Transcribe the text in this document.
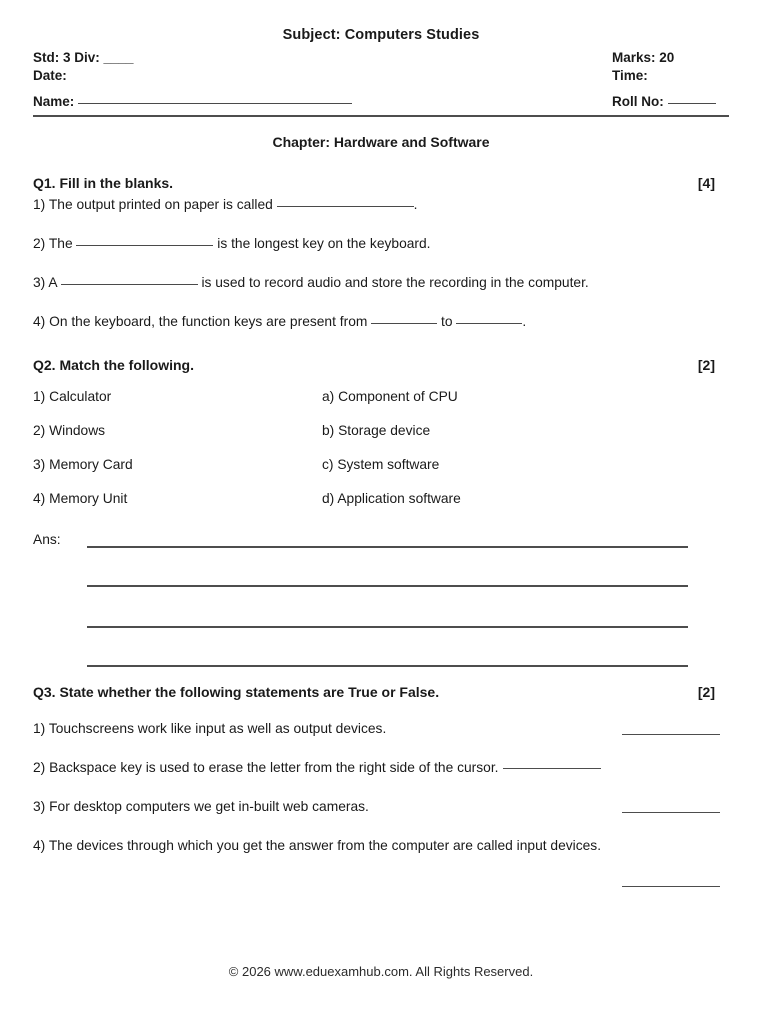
Subject: Computers Studies
Std: 3 Div: ____
Date:
Marks: 20
Time:
Name:	Roll No:
Chapter: Hardware and Software
Q1. Fill in the blanks.	[4]
1) The output printed on paper is called	.
2) The	is the longest key on the keyboard.
3) A	is used to record audio and store the recording in the computer.
4) On the keyboard, the function keys are present from	to	.
Q2. Match the following.	[2]
1) Calculator	a) Component of CPU
2) Windows	b) Storage device
3) Memory Card	c) System software
4) Memory Unit	d) Application software
Ans:
Q3. State whether the following statements are True or False.	[2]
1) Touchscreens work like input as well as output devices.
2) Backspace key is used to erase the letter from the right side of the cursor.
3) For desktop computers we get in-built web cameras.
4) The devices through which you get the answer from the computer are called input devices.
© 2026 www.eduexamhub.com. All Rights Reserved.
